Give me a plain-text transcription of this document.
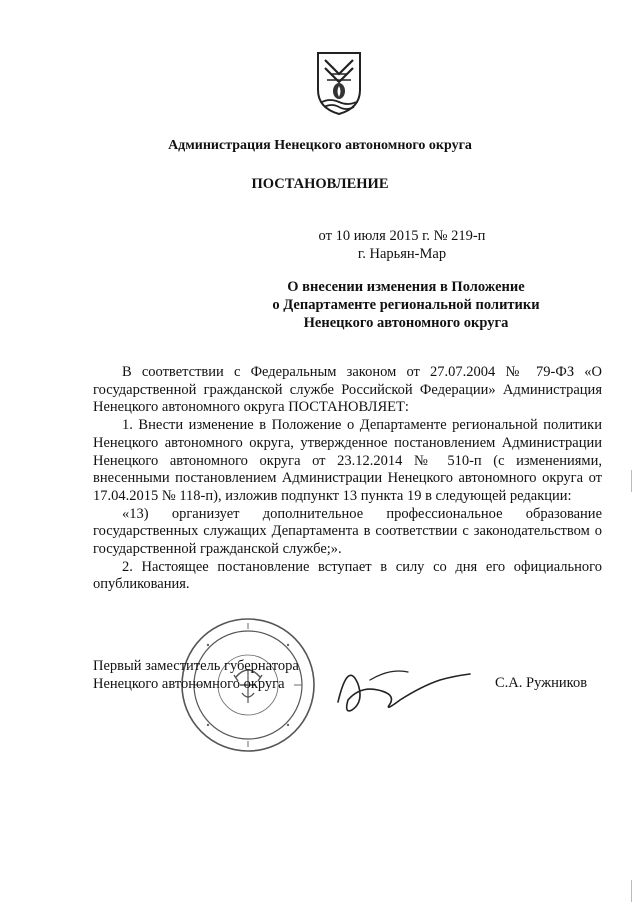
Администрация Ненецкого автономного округа
ПОСТАНОВЛЕНИЕ
от 10 июля 2015 г. № 219-п
г. Нарьян-Мар
О внесении изменения в Положение
о Департаменте региональной политики
Ненецкого автономного округа

В соответствии с Федеральным законом от 27.07.2004 № 79-ФЗ «О государственной гражданской службе Российской Федерации» Администрация Ненецкого автономного округа ПОСТАНОВЛЯЕТ:

1. Внести изменение в Положение о Департаменте региональной политики Ненецкого автономного округа, утвержденное постановлением Администрации Ненецкого автономного округа от 23.12.2014 № 510-п (с изменениями, внесенными постановлением Администрации Ненецкого автономного округа от 17.04.2015 № 118-п), изложив подпункт 13 пункта 19 в следующей редакции:

«13) организует дополнительное профессиональное образование государственных служащих Департамента в соответствии с законодательством о государственной гражданской службе;».

2. Настоящее постановление вступает в силу со дня его официального опубликования.

Первый заместитель губернатора
Ненецкого автономного округа	С.А. Ружников
